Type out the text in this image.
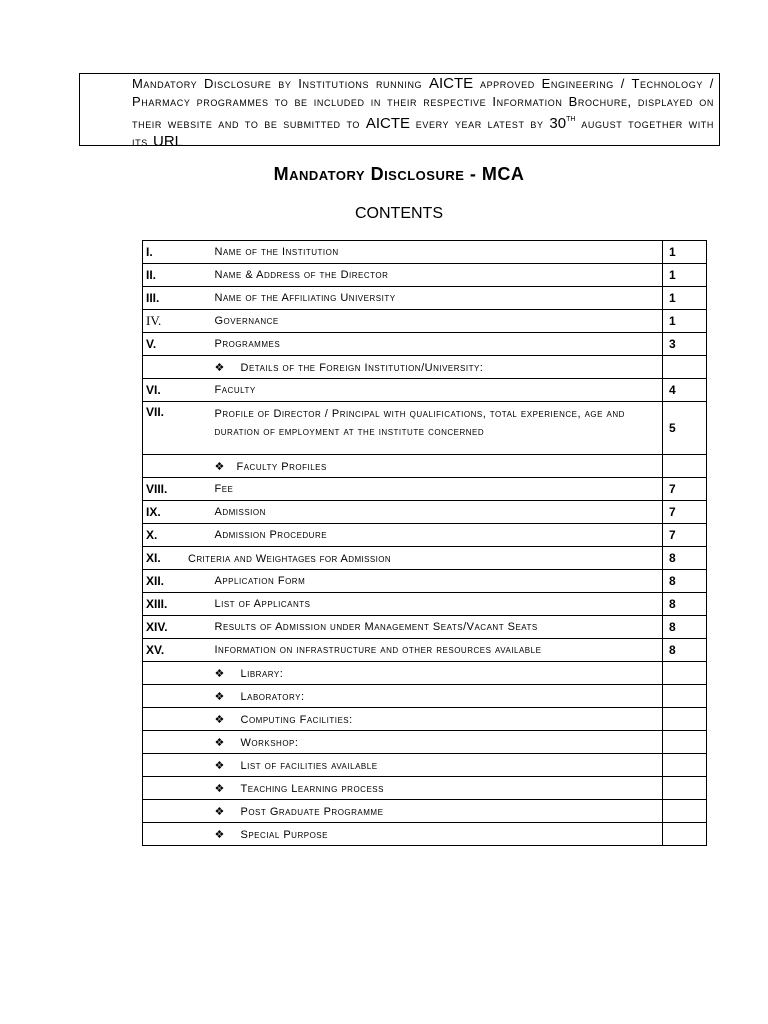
Mandatory Disclosure by Institutions running AICTE approved Engineering / Technology / Pharmacy programmes to be included in their respective Information Brochure, displayed on their website and to be submitted to AICTE every year latest by 30TH august together with its URL
Mandatory Disclosure - MCA
CONTENTS
I.	Name of the Institution	1
II.	Name & Address of the Director	1
III.	Name of the Affiliating University	1
IV.	Governance	1
V.	Programmes	3
	❖ Details of the Foreign Institution/University:	
VI.	Faculty	4
VII.	Profile of Director / Principal with qualifications, total experience, age and duration of employment at the institute concerned	5
	❖ Faculty Profiles	
VIII.	Fee	7
IX.	Admission	7
X.	Admission Procedure	7
XI. Criteria and Weightages for Admission		8
XII.	Application Form	8
XIII.	List of Applicants	8
XIV.	Results of Admission under Management Seats/Vacant Seats	8
XV.	Information on infrastructure and other resources available	8
	❖ Library:	
	❖ Laboratory:	
	❖ Computing Facilities:	
	❖ Workshop:	
	❖ List of facilities available	
	❖ Teaching Learning process	
	❖ Post Graduate Programme	
	❖ Special Purpose	
